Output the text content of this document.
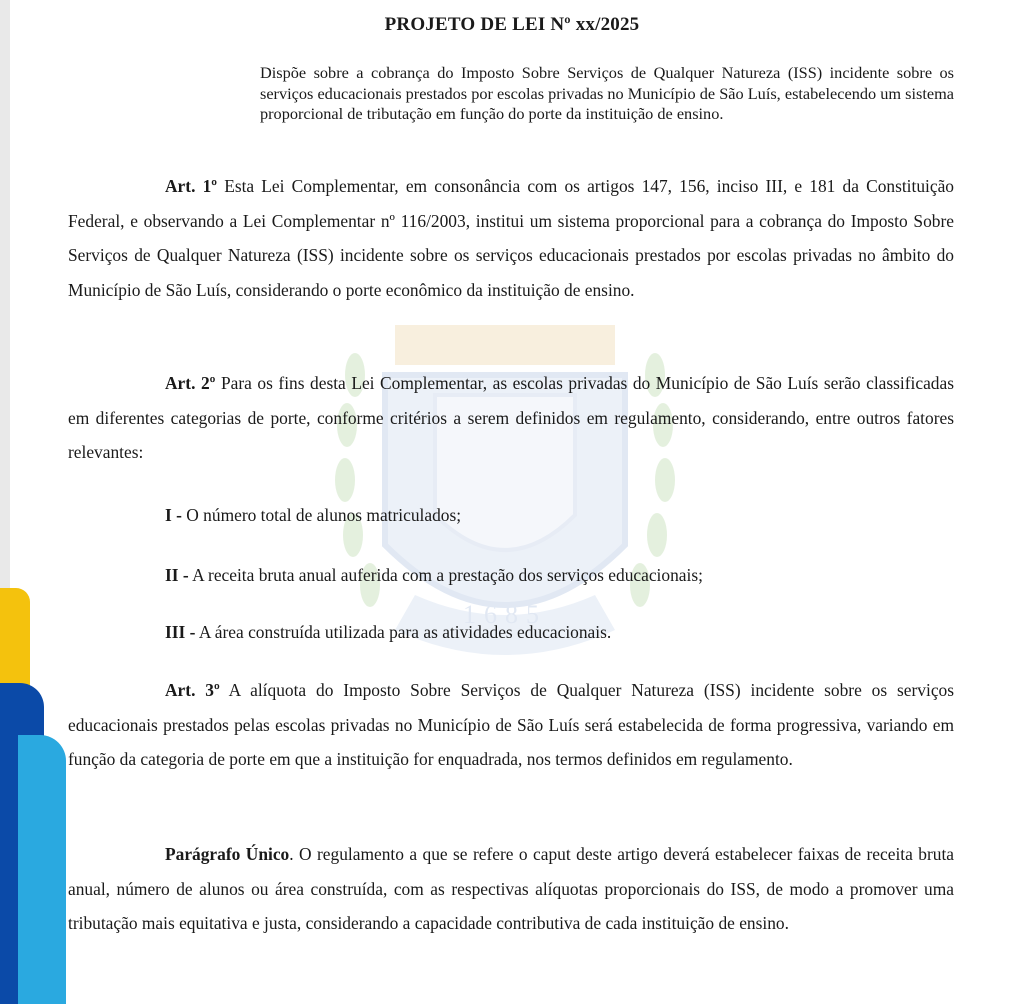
1685
PROJETO DE LEI Nº xx/2025
Dispõe sobre a cobrança do Imposto Sobre Serviços de Qualquer Natureza (ISS) incidente sobre os serviços educacionais prestados por escolas privadas no Município de São Luís, estabelecendo um sistema proporcional de tributação em função do porte da instituição de ensino.
Art. 1º Esta Lei Complementar, em consonância com os artigos 147, 156, inciso III, e 181 da Constituição Federal, e observando a Lei Complementar nº 116/2003, institui um sistema proporcional para a cobrança do Imposto Sobre Serviços de Qualquer Natureza (ISS) incidente sobre os serviços educacionais prestados por escolas privadas no âmbito do Município de São Luís, considerando o porte econômico da instituição de ensino.
Art. 2º Para os fins desta Lei Complementar, as escolas privadas do Município de São Luís serão classificadas em diferentes categorias de porte, conforme critérios a serem definidos em regulamento, considerando, entre outros fatores relevantes:
I - O número total de alunos matriculados;
II - A receita bruta anual auferida com a prestação dos serviços educacionais;
III - A área construída utilizada para as atividades educacionais.
Art. 3º A alíquota do Imposto Sobre Serviços de Qualquer Natureza (ISS) incidente sobre os serviços educacionais prestados pelas escolas privadas no Município de São Luís será estabelecida de forma progressiva, variando em função da categoria de porte em que a instituição for enquadrada, nos termos definidos em regulamento.
Parágrafo Único. O regulamento a que se refere o caput deste artigo deverá estabelecer faixas de receita bruta anual, número de alunos ou área construída, com as respectivas alíquotas proporcionais do ISS, de modo a promover uma tributação mais equitativa e justa, considerando a capacidade contributiva de cada instituição de ensino.
